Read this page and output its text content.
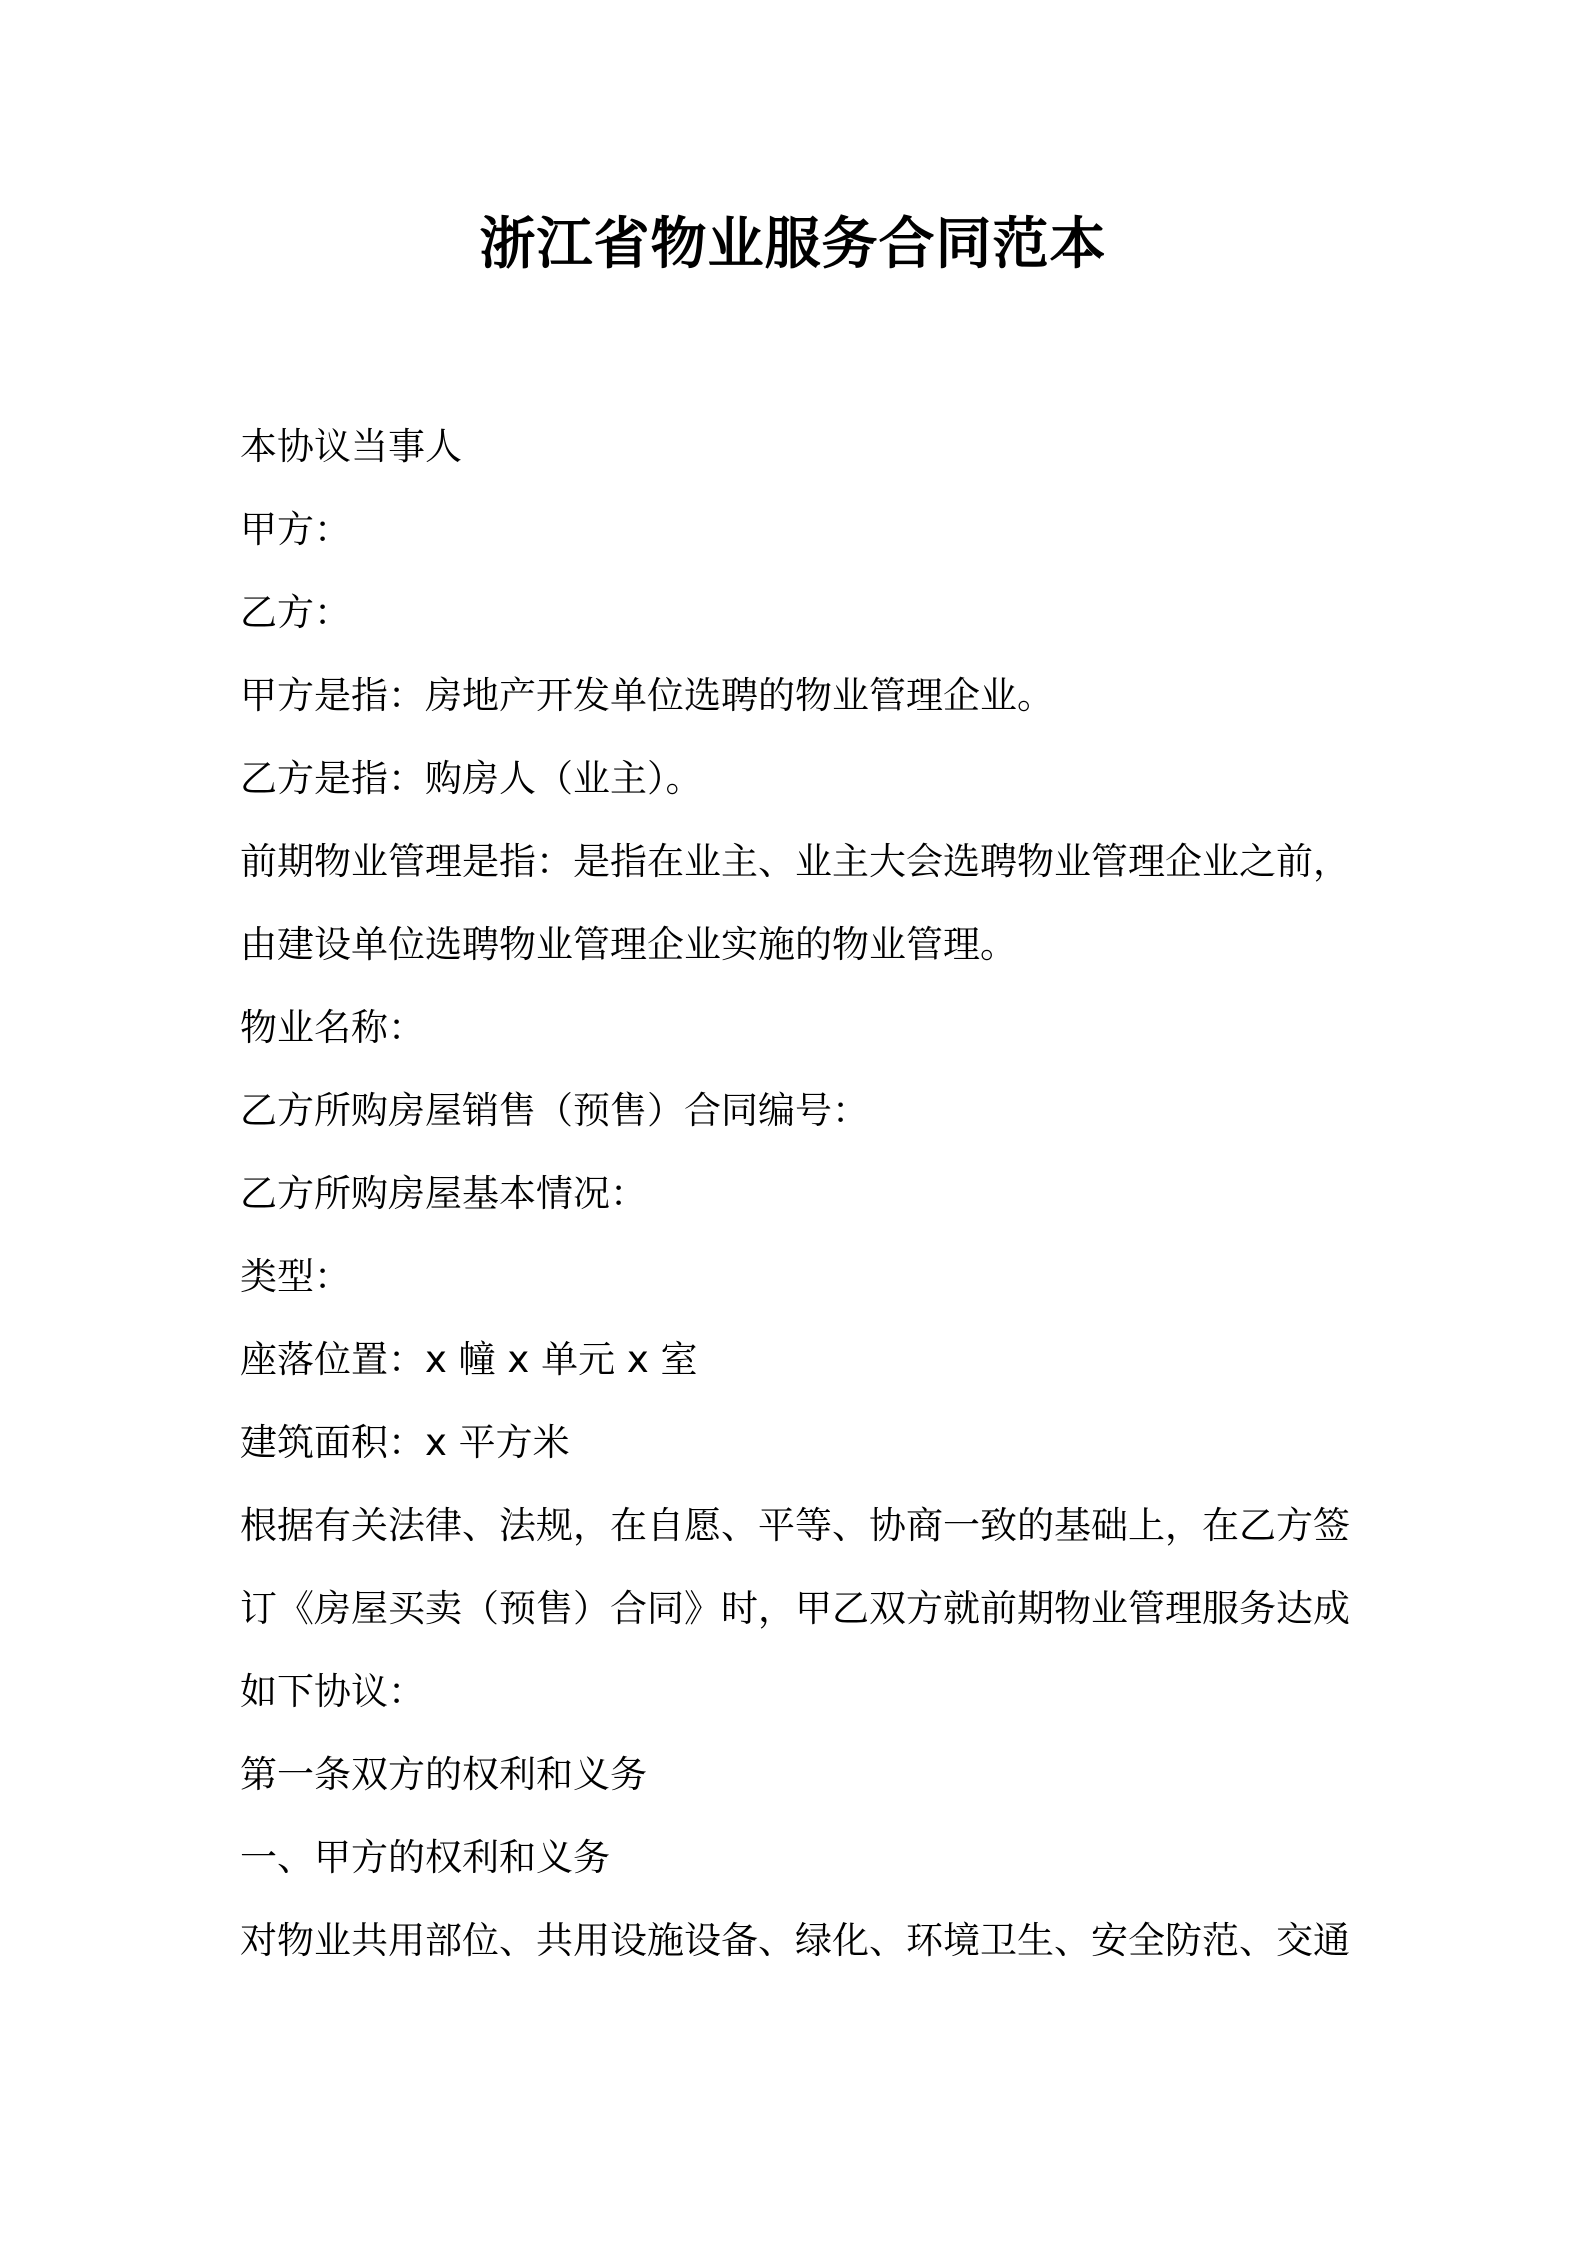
浙江省物业服务合同范本
本协议当事人
甲方：
乙方：
甲方是指：房地产开发单位选聘的物业管理企业。
乙方是指：购房人（业主）。
前期物业管理是指：是指在业主、业主大会选聘物业管理企业之前，
由建设单位选聘物业管理企业实施的物业管理。
物业名称：
乙方所购房屋销售（预售）合同编号：
乙方所购房屋基本情况：
类型：
座落位置：x 幢 x 单元 x 室
建筑面积：x 平方米
根据有关法律、法规，在自愿、平等、协商一致的基础上，在乙方签
订《房屋买卖（预售）合同》时，甲乙双方就前期物业管理服务达成
如下协议：
第一条双方的权利和义务
一、甲方的权利和义务
对物业共用部位、共用设施设备、绿化、环境卫生、安全防范、交通
